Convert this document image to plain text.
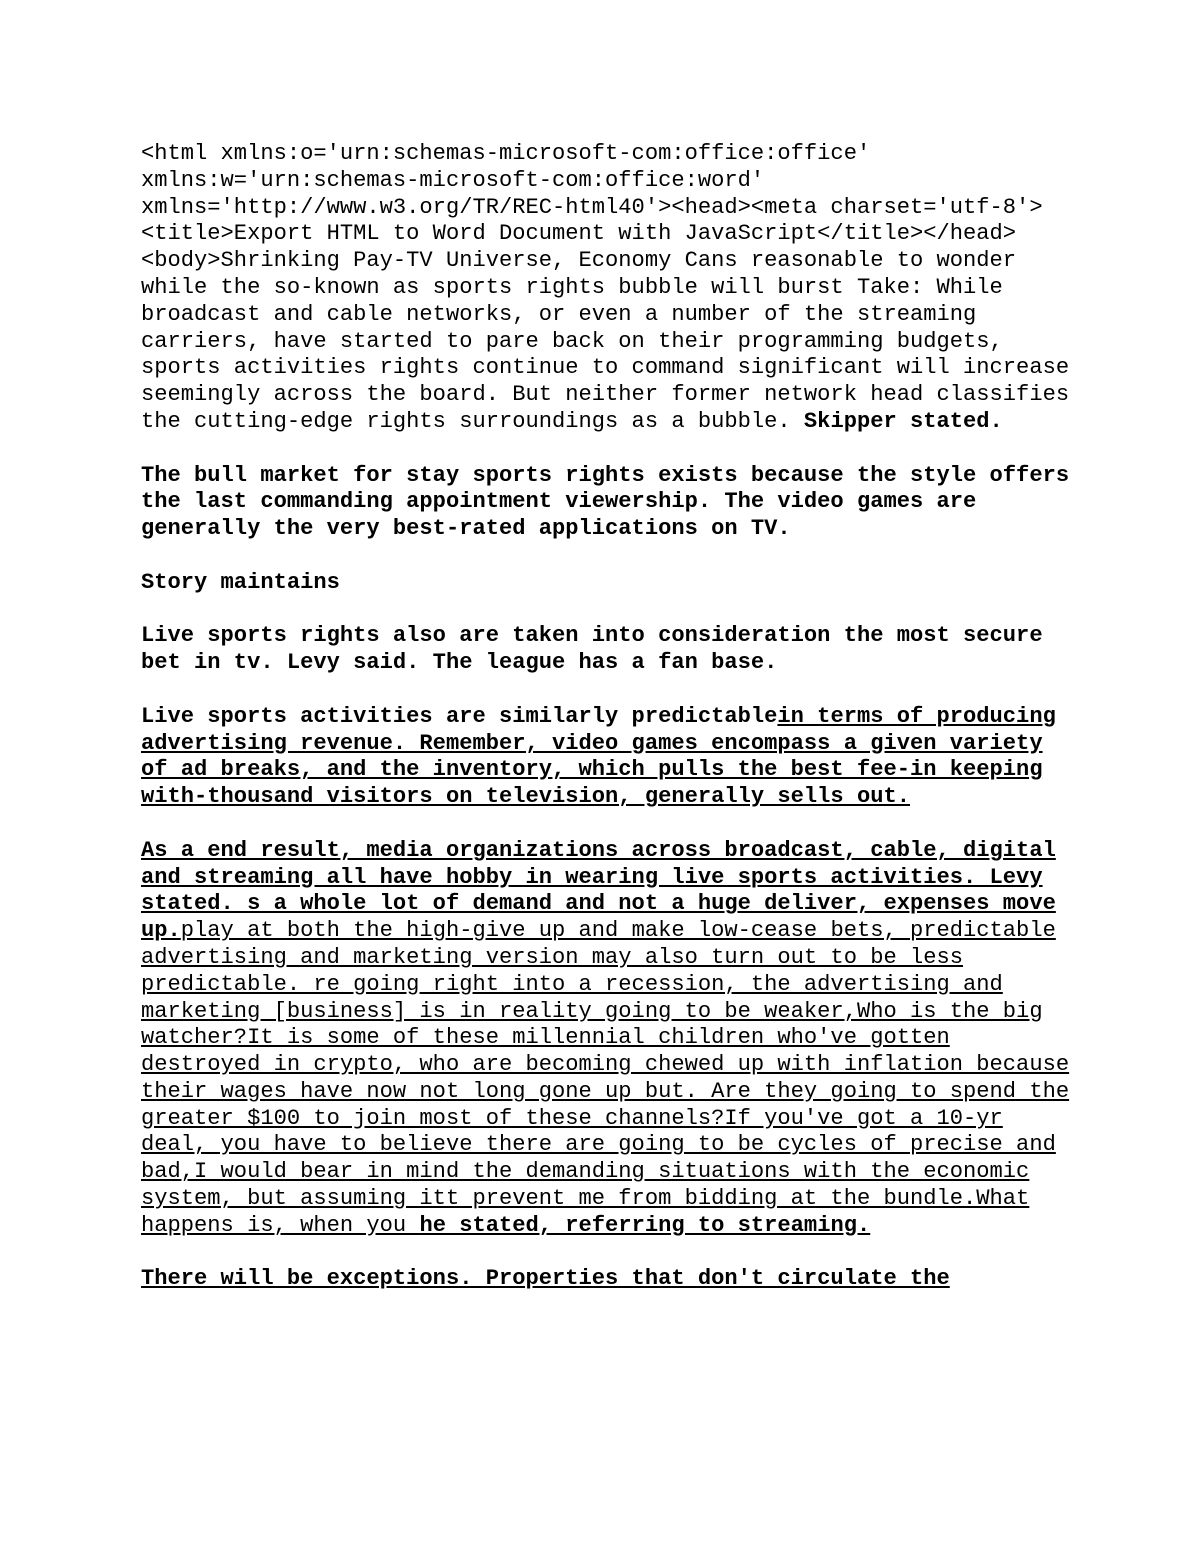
<html xmlns:o='urn:schemas-microsoft-com:office:office' xmlns:w='urn:schemas-microsoft-com:office:word' xmlns='http://www.w3.org/TR/REC-html40'><head><meta charset='utf-8'><title>Export HTML to Word Document with JavaScript</title></head><body>Shrinking Pay-TV Universe, Economy Cans reasonable to wonder while the so-known as sports rights bubble will burst Take: While broadcast and cable networks, or even a number of the streaming carriers, have started to pare back on their programming budgets, sports activities rights continue to command significant will increase seemingly across the board. But neither former network head classifies the cutting-edge rights surroundings as a bubble. Skipper stated.

The bull market for stay sports rights exists because the style offers the last commanding appointment viewership. The video games are generally the very best-rated applications on TV.

Story maintains

Live sports rights also are taken into consideration the most secure bet in tv. Levy said. The league has a fan base.

Live sports activities are similarly predictablein terms of producing advertising revenue. Remember, video games encompass a given variety of ad breaks, and the inventory, which pulls the best fee-in keeping with-thousand visitors on television, generally sells out.

As a end result, media organizations across broadcast, cable, digital and streaming all have hobby in wearing live sports activities. Levy stated. s a whole lot of demand and not a huge deliver, expenses move up.play at both the high-give up and make low-cease bets, predictable advertising and marketing version may also turn out to be less predictable. re going right into a recession, the advertising and marketing [business] is in reality going to be weaker,Who is the big watcher?It is some of these millennial children who've gotten destroyed in crypto, who are becoming chewed up with inflation because their wages have now not long gone up but. Are they going to spend the greater $100 to join most of these channels?If you've got a 10-yr deal, you have to believe there are going to be cycles of precise and bad,I would bear in mind the demanding situations with the economic system, but assuming itt prevent me from bidding at the bundle.What happens is, when you he stated, referring to streaming.

There will be exceptions. Properties that don't circulate the
